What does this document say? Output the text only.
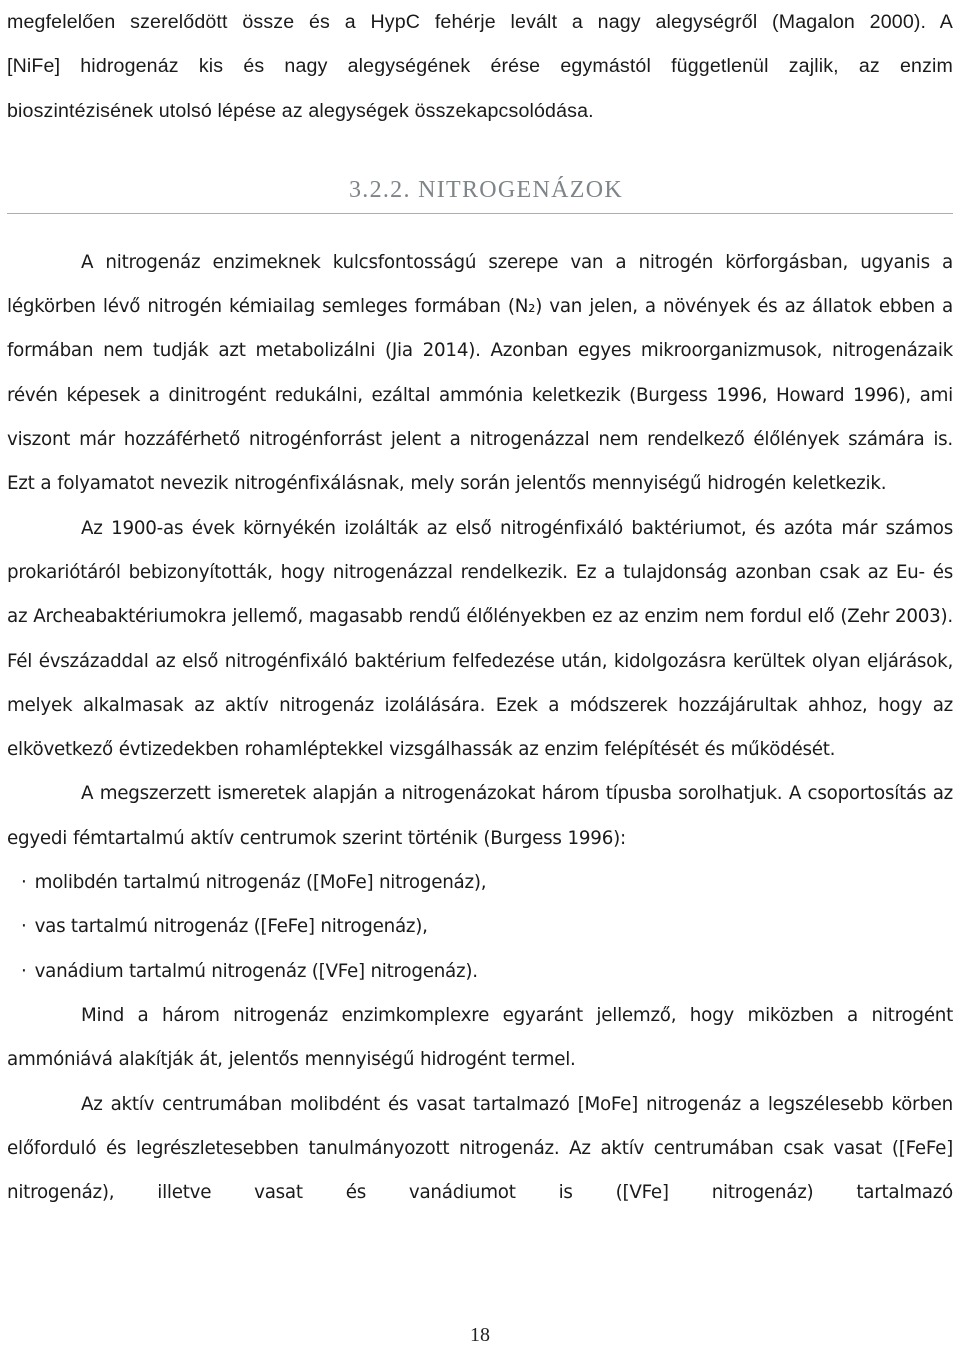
megfelelően szerelődött össze és a HypC fehérje levált a nagy alegységről (Magalon 2000). A
[NiFe] hidrogenáz kis és nagy alegységének érése egymástól függetlenül zajlik, az enzim
bioszintézisének utolsó lépése az alegységek összekapcsolódása.
3.2.2. NITROGENÁZOK

A nitrogenáz enzimeknek kulcsfontosságú szerepe van a nitrogén körforgásban, ugyanis a légkörben lévő nitrogén kémiailag semleges formában (N₂) van jelen, a növények és az állatok ebben a formában nem tudják azt metabolizálni (Jia 2014). Azonban egyes mikroorganizmusok, nitrogenázaik révén képesek a dinitrogént redukálni, ezáltal ammónia keletkezik (Burgess 1996, Howard 1996), ami viszont már hozzáférhető nitrogénforrást jelent a nitrogenázzal nem rendelkező élőlények számára is. Ezt a folyamatot nevezik nitrogénfixálásnak, mely során jelentős mennyiségű hidrogén keletkezik.

Az 1900-as évek környékén izolálták az első nitrogénfixáló baktériumot, és azóta már számos prokariótáról bebizonyították, hogy nitrogenázzal rendelkezik. Ez a tulajdonság azonban csak az Eu- és az Archeabaktériumokra jellemő, magasabb rendű élőlényekben ez az enzim nem fordul elő (Zehr 2003). Fél évszázaddal az első nitrogénfixáló baktérium felfedezése után, kidolgozásra kerültek olyan eljárások, melyek alkalmasak az aktív nitrogenáz izolálására. Ezek a módszerek hozzájárultak ahhoz, hogy az elkövetkező évtizedekben rohamléptekkel vizsgálhassák az enzim felépítését és működését.

A megszerzett ismeretek alapján a nitrogenázokat három típusba sorolhatjuk. A csoportosítás az egyedi fémtartalmú aktív centrumok szerint történik (Burgess 1996):

· molibdén tartalmú nitrogenáz ([MoFe] nitrogenáz),
· vas tartalmú nitrogenáz ([FeFe] nitrogenáz),
· vanádium tartalmú nitrogenáz ([VFe] nitrogenáz).

Mind a három nitrogenáz enzimkomplexre egyaránt jellemző, hogy miközben a nitrogént ammóniává alakítják át, jelentős mennyiségű hidrogént termel.

Az aktív centrumában molibdént és vasat tartalmazó [MoFe] nitrogenáz a legszélesebb körben előforduló és legrészletesebben tanulmányozott nitrogenáz. Az aktív centrumában csak vasat ([FeFe] nitrogenáz), illetve vasat és vanádiumot is ([VFe] nitrogenáz) tartalmazó

18
